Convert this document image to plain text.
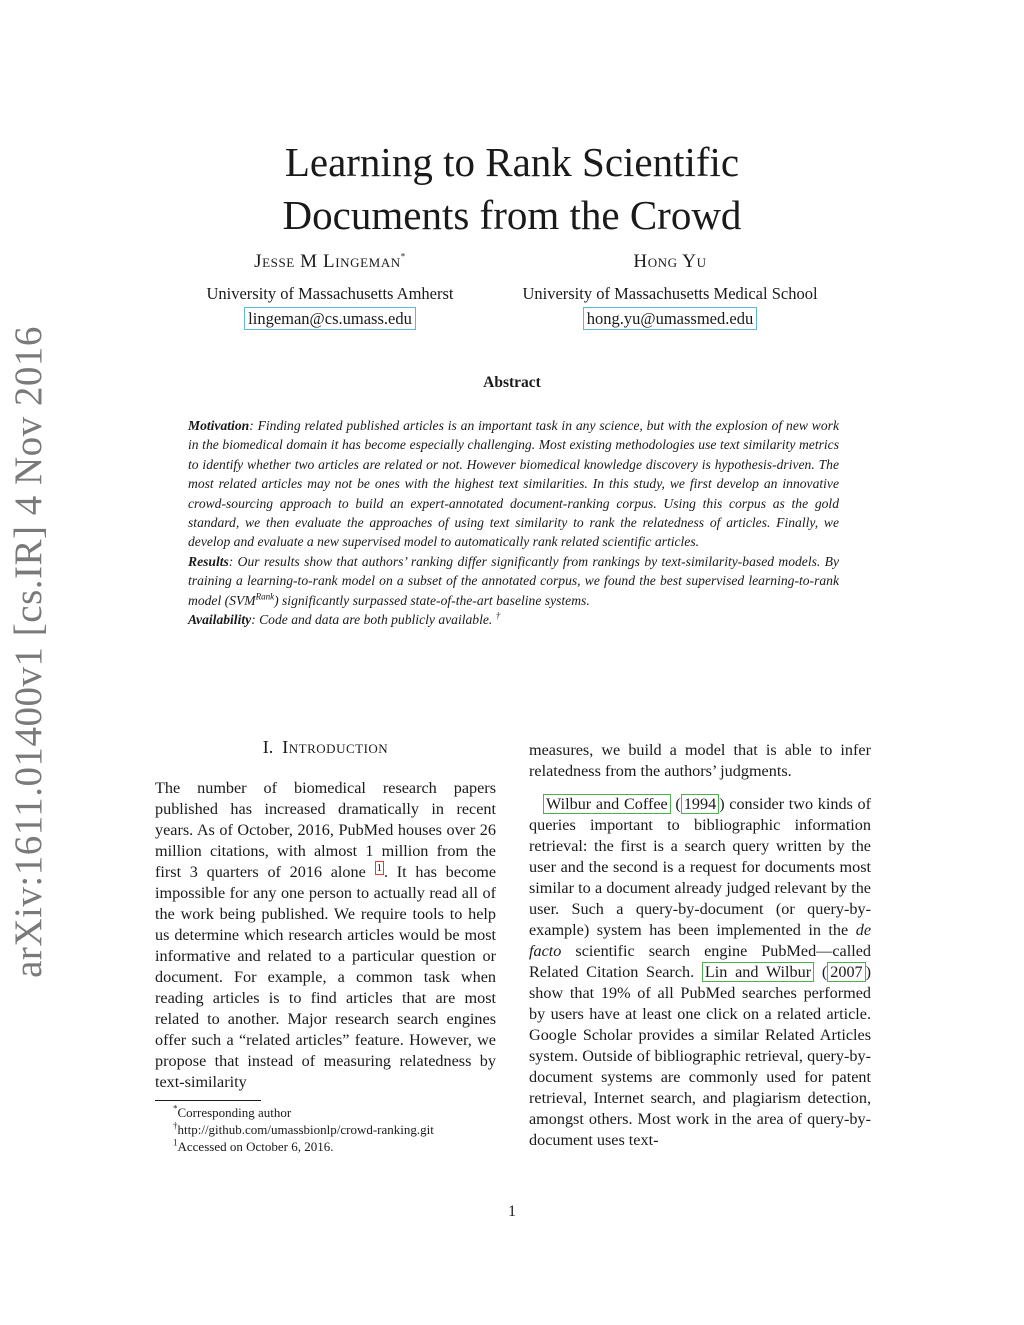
arXiv:1611.01400v1 [cs.IR] 4 Nov 2016
Learning to Rank Scientific
Documents from the Crowd
Jesse M Lingeman*
University of Massachusetts Amherst
lingeman@cs.umass.edu
Hong Yu
University of Massachusetts Medical School
hong.yu@umassmed.edu
Abstract

Motivation: Finding related published articles is an important task in any science, but with the explosion of new work in the biomedical domain it has become especially challenging. Most existing methodologies use text similarity metrics to identify whether two articles are related or not. However biomedical knowledge discovery is hypothesis-driven. The most related articles may not be ones with the highest text similarities. In this study, we first develop an innovative crowd-sourcing approach to build an expert-annotated document-ranking corpus. Using this corpus as the gold standard, we then evaluate the approaches of using text similarity to rank the relatedness of articles. Finally, we develop and evaluate a new supervised model to automatically rank related scientific articles.

Results: Our results show that authors’ ranking differ significantly from rankings by text-similarity-based models. By training a learning-to-rank model on a subset of the annotated corpus, we found the best supervised learning-to-rank model $(SVM^{Rank})$ significantly surpassed state-of-the-art baseline systems.

Availability: Code and data are both publicly available. †

I. Introduction

The number of biomedical research papers published has increased dramatically in recent years. As of October, 2016, PubMed houses over 26 million citations, with almost 1 million from the first 3 quarters of 2016 alone $^1$ . It has become impossible for any one person to actually read all of the work being published. We require tools to help us determine which research articles would be most informative and related to a particular question or document. For example, a common task when reading articles is to find articles that are most related to another. Major research search engines offer such a “related articles” feature. However, we propose that instead of measuring relatedness by text-similarity

measures, we build a model that is able to infer relatedness from the authors’ judgments.

Wilbur and Coffee ( 1994 ) consider two kinds of queries important to bibliographic information retrieval: the first is a search query written by the user and the second is a request for documents most similar to a document already judged relevant by the user. Such a query-by-document (or query-by-example) system has been implemented in the de facto scientific search engine PubMed—called Related Citation Search. Lin and Wilbur ( 2007 ) show that 19% of all PubMed searches performed by users have at least one click on a related article. Google Scholar provides a similar Related Articles system. Outside of bibliographic retrieval, query-by-document systems are commonly used for patent retrieval, Internet search, and plagiarism detection, amongst others. Most work in the area of query-by-document uses text-

*Corresponding author

†http://github.com/umassbionlp/crowd-ranking.git

$^1$Accessed on October 6, 2016.

1
